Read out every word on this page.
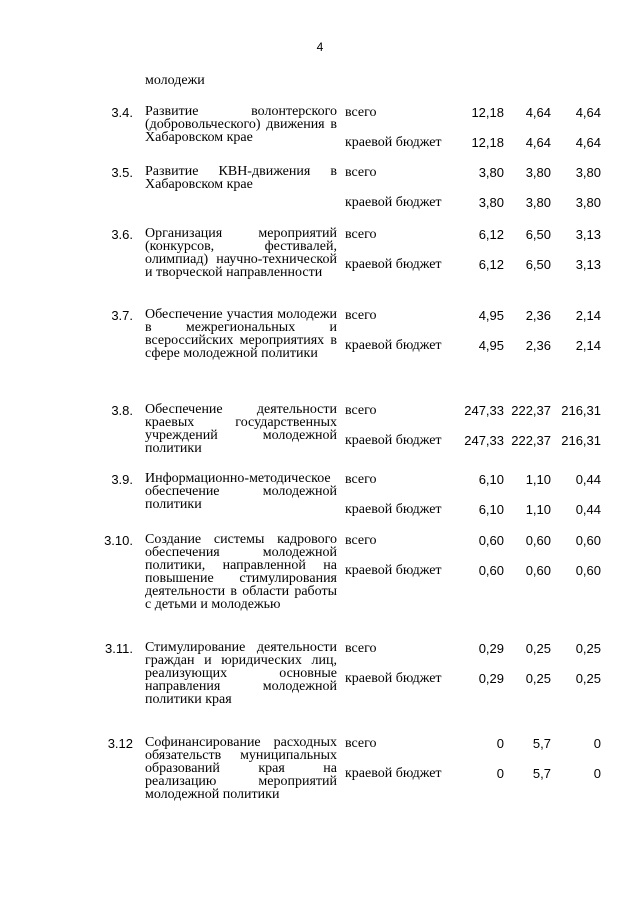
4
молодежи
3.4. Развитие волонтерского (добровольческого) движения в Хабаровском крае
всего	12,18	4,64	4,64
краевой бюджет	12,18	4,64	4,64
3.5. Развитие КВН-движения в Хабаровском крае
всего	3,80	3,80	3,80
краевой бюджет	3,80	3,80	3,80
3.6. Организация мероприятий (конкурсов, фестивалей, олимпиад) научно-технической и творческой направленности
всего	6,12	6,50	3,13
краевой бюджет	6,12	6,50	3,13
3.7. Обеспечение участия молодежи в межрегиональных и всероссийских мероприятиях в сфере молодежной политики
всего	4,95	2,36	2,14
краевой бюджет	4,95	2,36	2,14
3.8. Обеспечение деятельности краевых государственных учреждений молодежной политики
всего	247,33 222,37 216,31
краевой бюджет	247,33 222,37 216,31
3.9. Информационно-методическое обеспечение молодежной политики
всего	6,10	1,10	0,44
краевой бюджет	6,10	1,10	0,44
3.10. Создание системы кадрового обеспечения молодежной политики, направленной на повышение стимулирования деятельности в области работы с детьми и молодежью
всего	0,60	0,60	0,60
краевой бюджет	0,60	0,60	0,60
3.11. Стимулирование деятельности граждан и юридических лиц, реализующих основные направления молодежной политики края
всего	0,29	0,25	0,25
краевой бюджет	0,29	0,25	0,25
3.12 Софинансирование расходных обязательств муниципальных образований края на реализацию мероприятий молодежной политики
всего	0	5,7	0
краевой бюджет	0	5,7	0
